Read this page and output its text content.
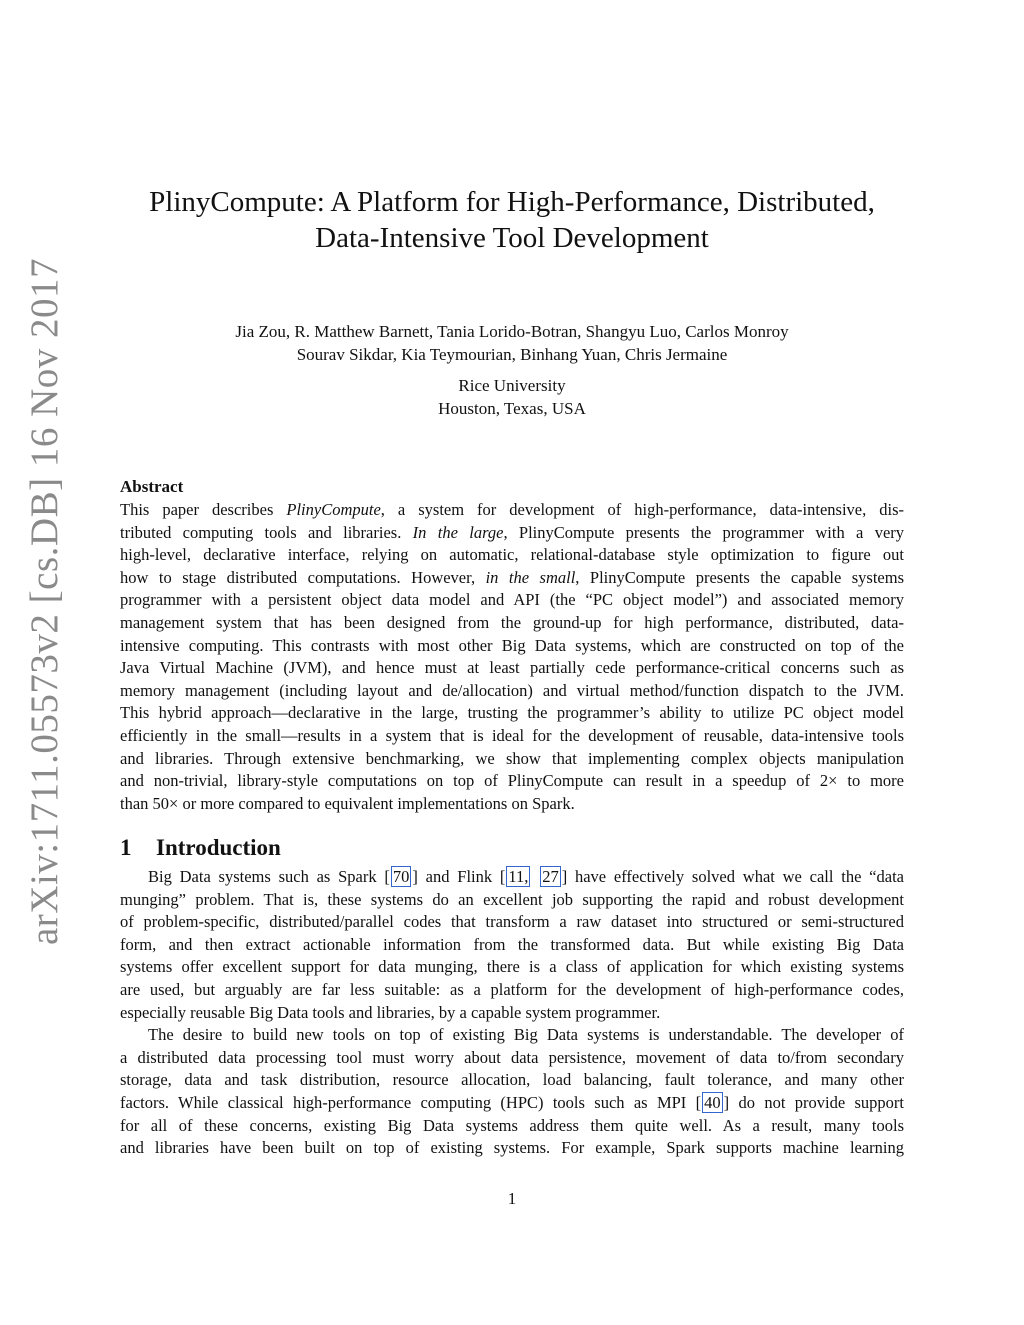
arXiv:1711.05573v2 [cs.DB] 16 Nov 2017
PlinyCompute: A Platform for High-Performance, Distributed,
Data-Intensive Tool Development
Jia Zou, R. Matthew Barnett, Tania Lorido-Botran, Shangyu Luo, Carlos Monroy
Sourav Sikdar, Kia Teymourian, Binhang Yuan, Chris Jermaine
Rice University
Houston, Texas, USA
Abstract
This paper describes PlinyCompute, a system for development of high-performance, data-intensive, dis-
tributed computing tools and libraries. In the large, PlinyCompute presents the programmer with a very
high-level, declarative interface, relying on automatic, relational-database style optimization to figure out
how to stage distributed computations. However, in the small, PlinyCompute presents the capable systems
programmer with a persistent object data model and API (the “PC object model”) and associated memory
management system that has been designed from the ground-up for high performance, distributed, data-
intensive computing. This contrasts with most other Big Data systems, which are constructed on top of the
Java Virtual Machine (JVM), and hence must at least partially cede performance-critical concerns such as
memory management (including layout and de/allocation) and virtual method/function dispatch to the JVM.
This hybrid approach—declarative in the large, trusting the programmer’s ability to utilize PC object model
efficiently in the small—results in a system that is ideal for the development of reusable, data-intensive tools
and libraries. Through extensive benchmarking, we show that implementing complex objects manipulation
and non-trivial, library-style computations on top of PlinyCompute can result in a speedup of 2× to more
than 50× or more compared to equivalent implementations on Spark.
1 Introduction
Big Data systems such as Spark [ 70 ] and Flink [ 11, 27 ] have effectively solved what we call the “data
munging” problem. That is, these systems do an excellent job supporting the rapid and robust development
of problem-specific, distributed/parallel codes that transform a raw dataset into structured or semi-structured
form, and then extract actionable information from the transformed data. But while existing Big Data
systems offer excellent support for data munging, there is a class of application for which existing systems
are used, but arguably are far less suitable: as a platform for the development of high-performance codes,
especially reusable Big Data tools and libraries, by a capable system programmer.
The desire to build new tools on top of existing Big Data systems is understandable. The developer of
a distributed data processing tool must worry about data persistence, movement of data to/from secondary
storage, data and task distribution, resource allocation, load balancing, fault tolerance, and many other
factors. While classical high-performance computing (HPC) tools such as MPI [ 40 ] do not provide support
for all of these concerns, existing Big Data systems address them quite well. As a result, many tools
and libraries have been built on top of existing systems. For example, Spark supports machine learning
1
